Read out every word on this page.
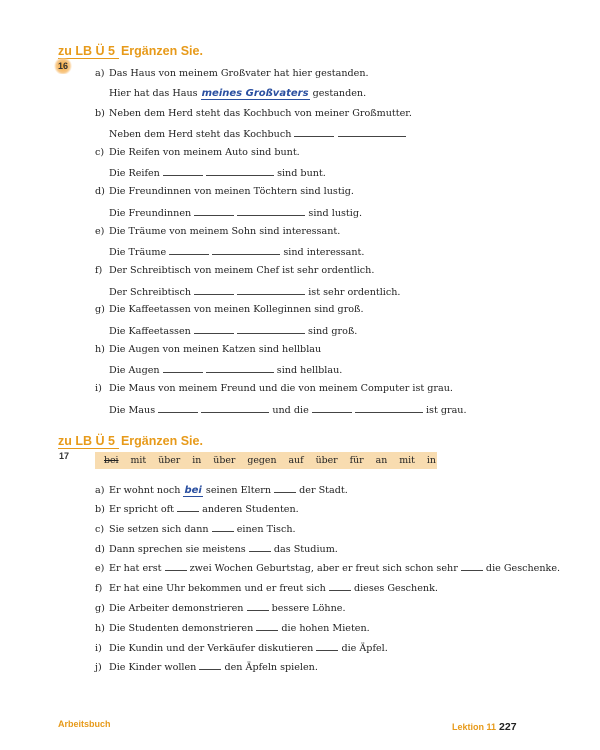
zu LB Ü 5 Ergänzen Sie.
16
a) Das Haus von meinem Großvater hat hier gestanden.
Hier hat das Haus meines Großvaters gestanden.
b) Neben dem Herd steht das Kochbuch von meiner Großmutter.
Neben dem Herd steht das Kochbuch
c) Die Reifen von meinem Auto sind bunt.
Die Reifen	sind bunt.
d) Die Freundinnen von meinen Töchtern sind lustig.
Die Freundinnen	sind lustig.
e) Die Träume von meinem Sohn sind interessant.
Die Träume	sind interessant.
f) Der Schreibtisch von meinem Chef ist sehr ordentlich.
Der Schreibtisch	ist sehr ordentlich.
g) Die Kaffeetassen von meinen Kolleginnen sind groß.
Die Kaffeetassen	sind groß.
h) Die Augen von meinen Katzen sind hellblau
Die Augen	sind hellblau.
i) Die Maus von meinem Freund und die von meinem Computer ist grau.
Die Maus	und die	ist grau.
zu LB Ü 5 Ergänzen Sie.
17	bei mit über in über gegen auf über für an mit in
a) Er wohnt noch bei seinen Eltern	der Stadt.
b) Er spricht oft	anderen Studenten.
c) Sie setzen sich dann	einen Tisch.
d) Dann sprechen sie meistens	das Studium.
e) Er hat erst	zwei Wochen Geburtstag, aber er freut sich schon sehr	die Geschenke.
f) Er hat eine Uhr bekommen und er freut sich	dieses Geschenk.
g) Die Arbeiter demonstrieren	bessere Löhne.
h) Die Studenten demonstrieren	die hohen Mieten.
i) Die Kundin und der Verkäufer diskutieren	die Äpfel.
j) Die Kinder wollen	den Äpfeln spielen.
Arbeitsbuch	Lektion 11 227
